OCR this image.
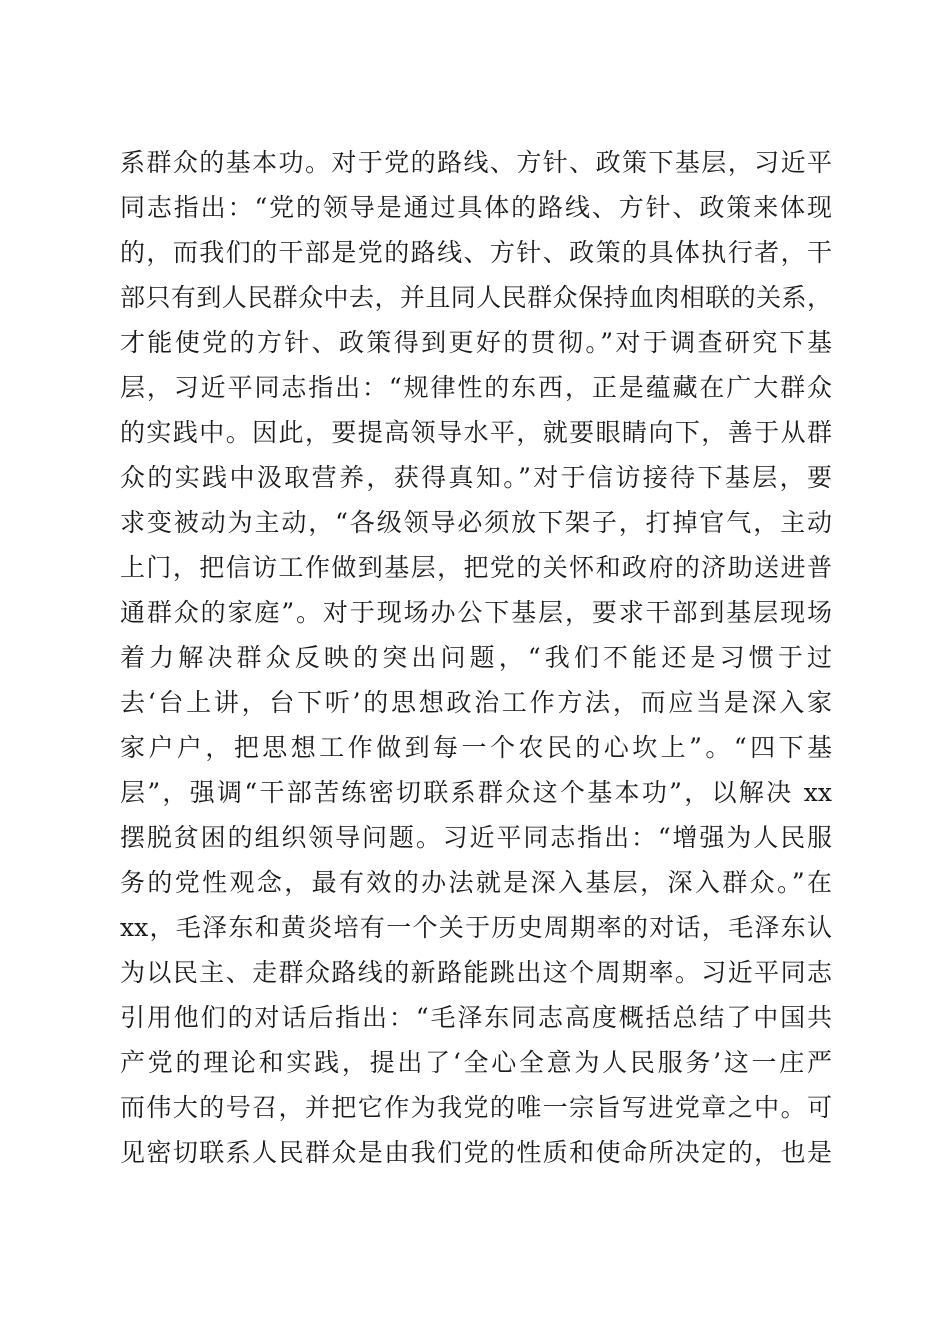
系群众的基本功。对于党的路线、方针、政策下基层，习近平
同志指出：“党的领导是通过具体的路线、方针、政策来体现
的，而我们的干部是党的路线、方针、政策的具体执行者，干
部只有到人民群众中去，并且同人民群众保持血肉相联的关系，
才能使党的方针、政策得到更好的贯彻。”对于调查研究下基
层，习近平同志指出：“规律性的东西，正是蕴藏在广大群众
的实践中。因此，要提高领导水平，就要眼睛向下，善于从群
众的实践中汲取营养，获得真知。”对于信访接待下基层，要
求变被动为主动，“各级领导必须放下架子，打掉官气，主动
上门，把信访工作做到基层，把党的关怀和政府的济助送进普
通群众的家庭”。对于现场办公下基层，要求干部到基层现场
着力解决群众反映的突出问题，“我们不能还是习惯于过
去‘台上讲，台下听’的思想政治工作方法，而应当是深入家
家户户，把思想工作做到每一个农民的心坎上”。“四下基
层”，强调“干部苦练密切联系群众这个基本功”，以解决 xx
摆脱贫困的组织领导问题。习近平同志指出：“增强为人民服
务的党性观念，最有效的办法就是深入基层，深入群众。”在
xx，毛泽东和黄炎培有一个关于历史周期率的对话，毛泽东认
为以民主、走群众路线的新路能跳出这个周期率。习近平同志
引用他们的对话后指出：“毛泽东同志高度概括总结了中国共
产党的理论和实践，提出了‘全心全意为人民服务’这一庄严
而伟大的号召，并把它作为我党的唯一宗旨写进党章之中。可
见密切联系人民群众是由我们党的性质和使命所决定的，也是
